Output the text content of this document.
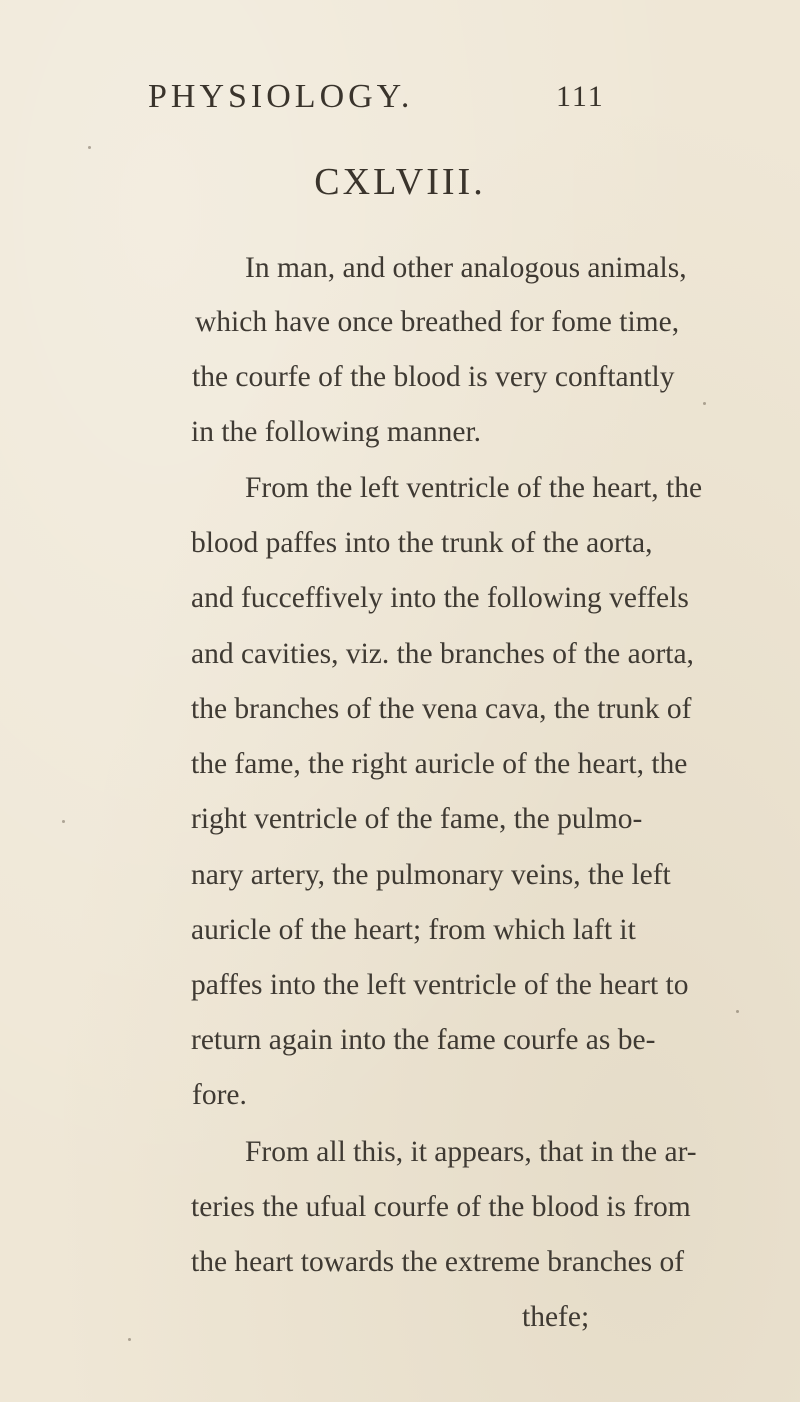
PHYSIOLOGY.	111
CXLVIII.
In man, and other analogous animals,
which have once breathed for fome time,
the courfe of the blood is very conftantly
in the following manner.
From the left ventricle of the heart, the
blood paffes into the trunk of the aorta,
and fucceffively into the following veffels
and cavities, viz. the branches of the aorta,
the branches of the vena cava, the trunk of
the fame, the right auricle of the heart, the
right ventricle of the fame, the pulmo-
nary artery, the pulmonary veins, the left
auricle of the heart; from which laft it
paffes into the left ventricle of the heart to
return again into the fame courfe as be-
fore.
From all this, it appears, that in the ar-
teries the ufual courfe of the blood is from
the heart towards the extreme branches of
thefe;
